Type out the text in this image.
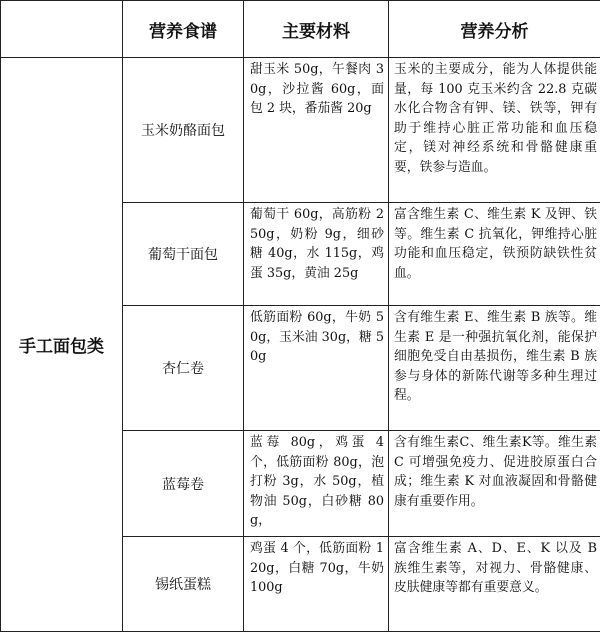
	营养食谱	主要材料	营养分析
手工面包类	玉米奶酪面包	甜玉米 50g，午餐肉 30g，沙拉酱 60g，面包 2 块，番茄酱 20g	玉米的主要成分，能为人体提供能量，每 100 克玉米约含 22.8 克碳水化合物含有钾、镁、铁等，钾有助于维持心脏正常功能和血压稳定，镁对神经系统和骨骼健康重要，铁参与造血。
	葡萄干面包	葡萄干 60g，高筋粉 250g，奶粉 9g，细砂糖 40g，水 115g，鸡蛋 35g，黄油 25g	富含维生素 C、维生素 K 及钾、铁等。维生素 C 抗氧化，钾维持心脏功能和血压稳定，铁预防缺铁性贫血。
	杏仁卷	低筋面粉 60g，牛奶 50g，玉米油 30g，糖 50g	含有维生素 E、维生素 B 族等。维生素 E 是一种强抗氧化剂，能保护细胞免受自由基损伤，维生素 B 族参与身体的新陈代谢等多种生理过程。
	蓝莓卷	蓝莓 80g，鸡蛋 4 个，低筋面粉 80g，泡打粉 3g，水 50g，植物油 50g，白砂糖 80g，	含有维生素C、维生素K等。维生素 C 可增强免疫力、促进胶原蛋白合成；维生素 K 对血液凝固和骨骼健康有重要作用。
	锡纸蛋糕	鸡蛋 4 个，低筋面粉 120g，白糖 70g，牛奶 100g	富含维生素 A、D、E、K 以及 B 族维生素等，对视力、骨骼健康、皮肤健康等都有重要意义。
